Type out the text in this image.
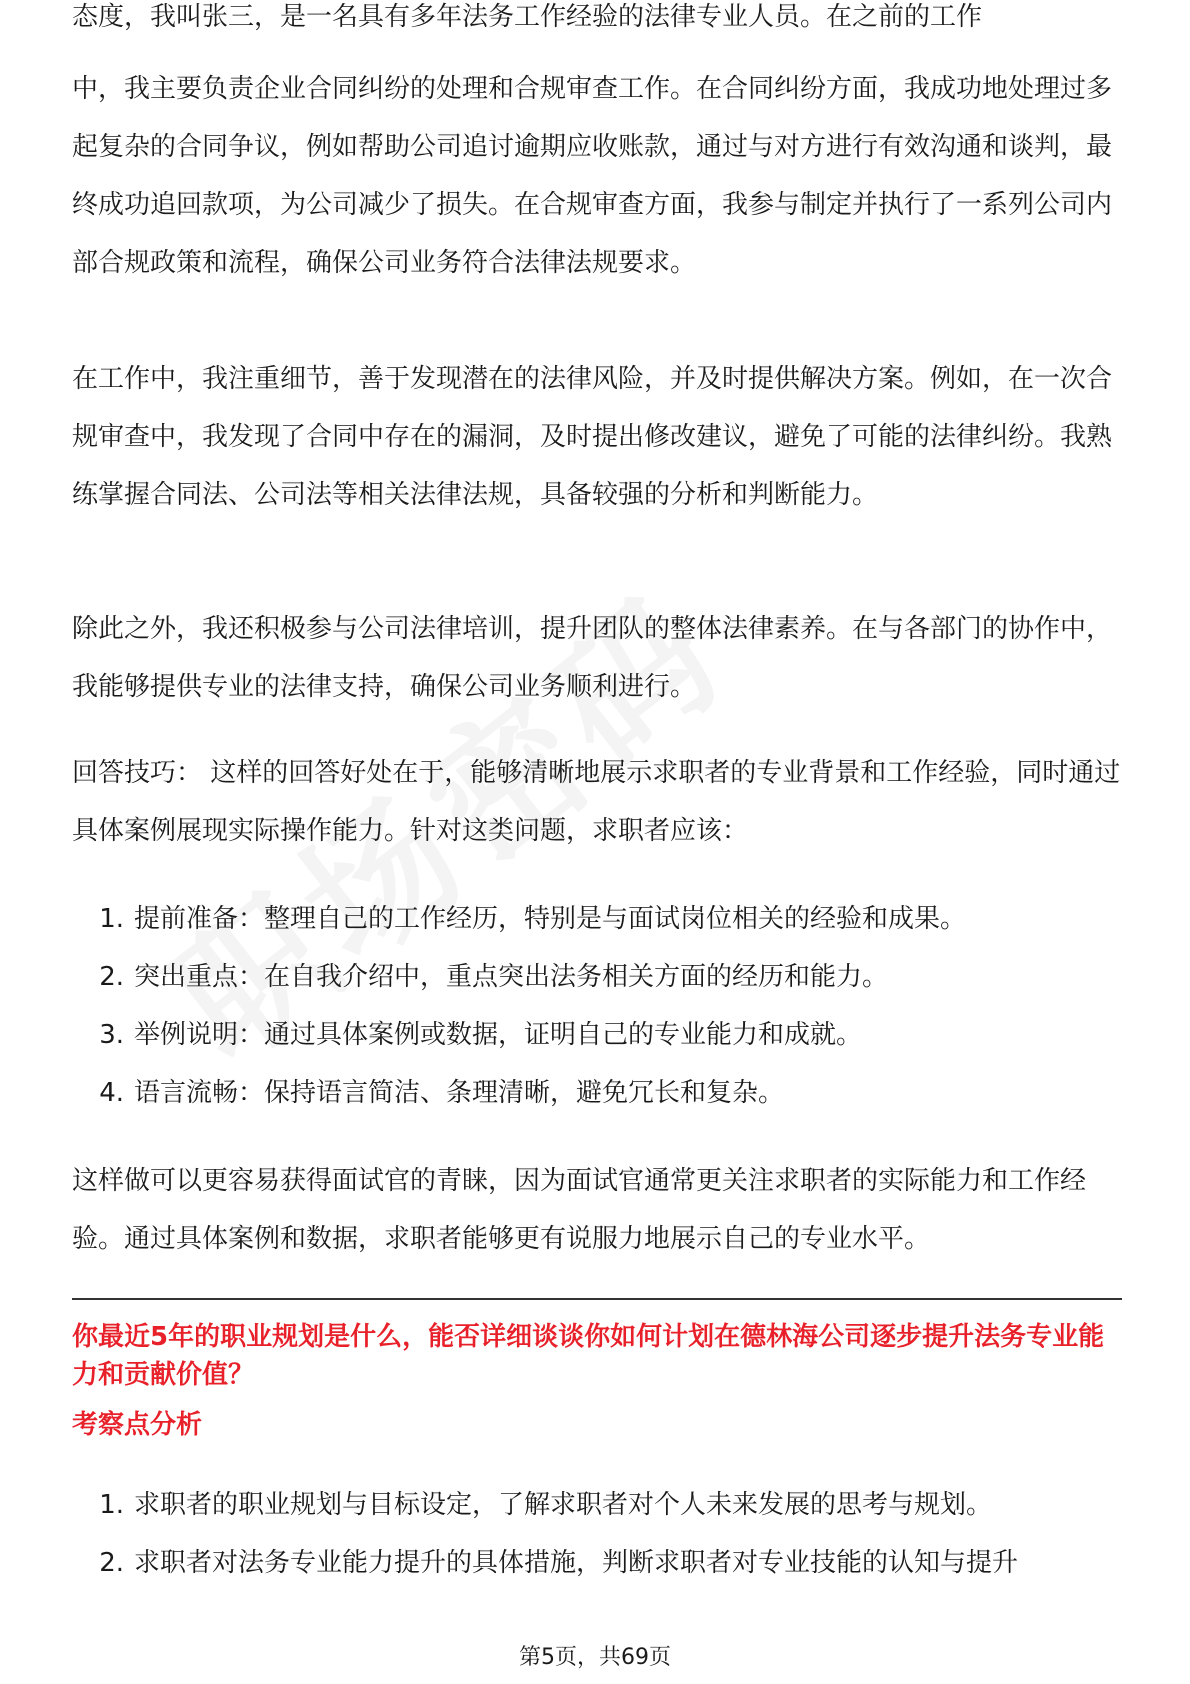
态度，我叫张三，是一名具有多年法务工作经验的法律专业人员。在之前的工作

中，我主要负责企业合同纠纷的处理和合规审查工作。在合同纠纷方面，我成功地处理过多起复杂的合同争议，例如帮助公司追讨逾期应收账款，通过与对方进行有效沟通和谈判，最终成功追回款项，为公司减少了损失。在合规审查方面，我参与制定并执行了一系列公司内部合规政策和流程，确保公司业务符合法律法规要求。

在工作中，我注重细节，善于发现潜在的法律风险，并及时提供解决方案。例如，在一次合规审查中，我发现了合同中存在的漏洞，及时提出修改建议，避免了可能的法律纠纷。我熟练掌握合同法、公司法等相关法律法规，具备较强的分析和判断能力。

除此之外，我还积极参与公司法律培训，提升团队的整体法律素养。在与各部门的协作中，我能够提供专业的法律支持，确保公司业务顺利进行。

回答技巧： 这样的回答好处在于，能够清晰地展示求职者的专业背景和工作经验，同时通过具体案例展现实际操作能力。针对这类问题，求职者应该：

1. 提前准备：整理自己的工作经历，特别是与面试岗位相关的经验和成果。
2. 突出重点：在自我介绍中，重点突出法务相关方面的经历和能力。
3. 举例说明：通过具体案例或数据，证明自己的专业能力和成就。
4. 语言流畅：保持语言简洁、条理清晰，避免冗长和复杂。

这样做可以更容易获得面试官的青睐，因为面试官通常更关注求职者的实际能力和工作经验。通过具体案例和数据，求职者能够更有说服力地展示自己的专业水平。

你最近5年的职业规划是什么，能否详细谈谈你如何计划在德林海公司逐步提升法务专业能力和贡献价值？

考察点分析

1. 求职者的职业规划与目标设定，了解求职者对个人未来发展的思考与规划。
2. 求职者对法务专业能力提升的具体措施，判断求职者对专业技能的认知与提升
第5页，共69页
